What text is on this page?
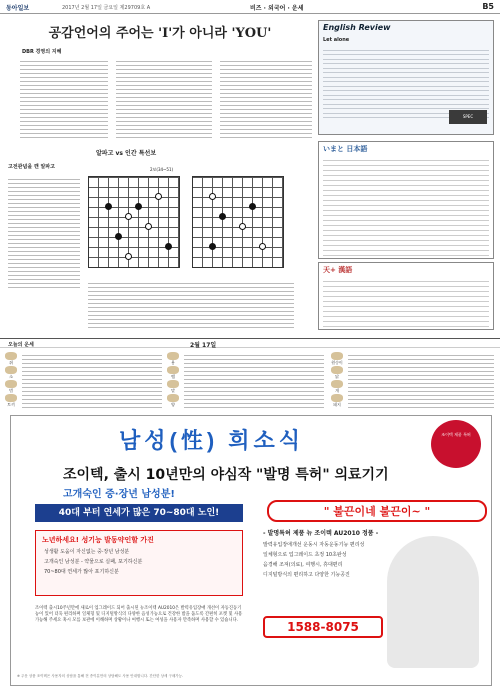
동아일보	2017년 2월 17일 금요일 제29709호 A	비즈 · 외국어 · 운세	B5
공감언어의 주어는 'I'가 아니라 'YOU'
DBR 경영의 지혜
English Review
Let alone
SPEC
いまと 日本語
天+ 漢語
알파고 vs 인간 특선보
고전관념을 깬 알파고	2보(34~51)
오늘의 운세	2월 17일
쥐
소
범
토끼
용
뱀
말
양
원숭이
닭
개
돼지
남성(性) 희소식	조이텍 제품 특허
조이텍, 출시 10년만의 야심작 "발명 특허" 의료기기
고개숙인 중·장년 남성분!
40대 부터 연세가 많은 70~80대 노인!	" 불끈이네 불끈이~ "
노년하세요! 성기능 발동약인할 가진
성생활 도움이 자신없는 중·장년 남성분
고개숙인 남성분 - 약물으로 실패, 포기하신분
70~80대 연세가 많아 포기하신분
- 발명특허 제품 뉴 조이텍 AU2010 정품 -
발력유입장애개선 운동시 자동운동기능 편리성
일체형으로 업그레이드 초정 10초완성
음경해 조져(의료), 여행시, 휴대편리
디지털방식의 편리하고 다양한 기능공진
조이텍 출시10주년만에 새로이 업그레이드 되어 출시된 뉴조이텍 AU2010은 발력유입장애 개선이 자동진동기능이 있어 더욱 편리하며 일체형 및 디지털방식의 다양한 음성가능으로 건강한 밤을 돕도록 간편히 포켓 및 사용가능해 주세요 혹시 모를 보관에 이해하며 상황이나 여행시 또는 여성을 사용자 만족하며 사용할 수 있습니다.	1588-8075
※ 주문 상품 조이텍은 사용자의 상담을 통해 전 종이분만의 상담해도 사용 안내합니다. 간단한 상세 구매가능.
